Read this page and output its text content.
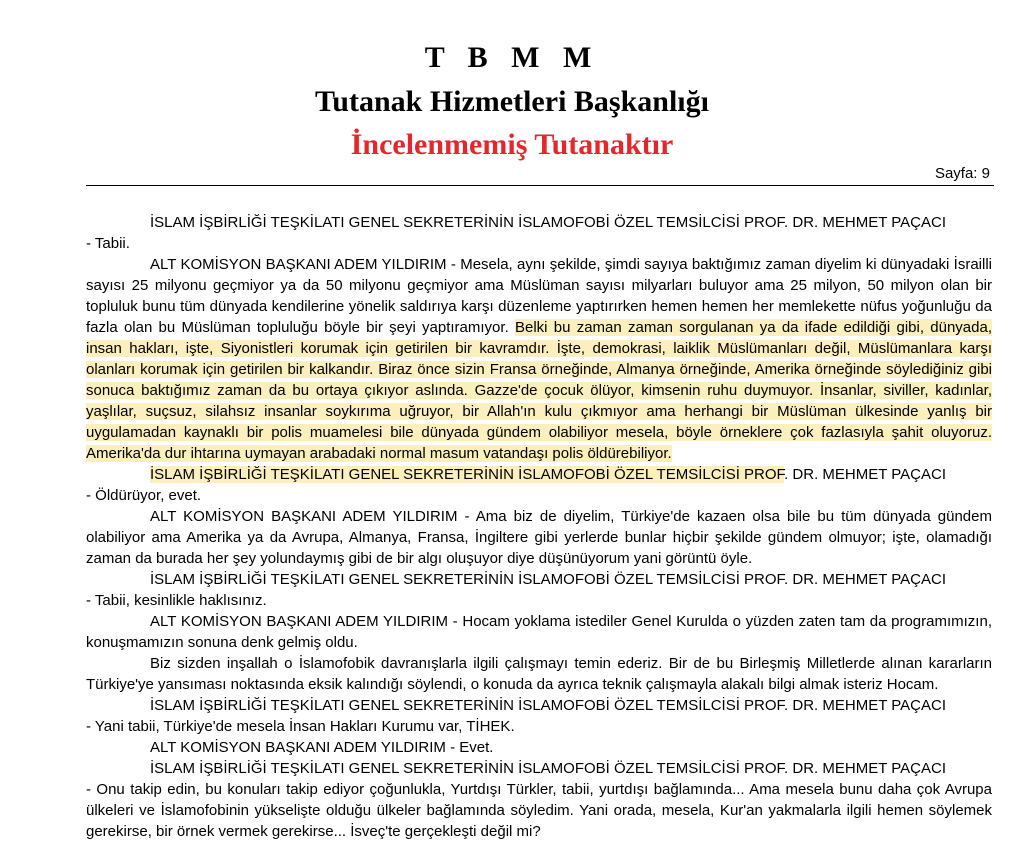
T B M M
Tutanak Hizmetleri Başkanlığı
İncelenmemiş Tutanaktır
Sayfa: 9

İSLAM İŞBİRLİĞİ TEŞKİLATI GENEL SEKRETERİNİN İSLAMOFOBİ ÖZEL TEMSİLCİSİ PROF. DR. MEHMET PAÇACI

- Tabii.

ALT KOMİSYON BAŞKANI ADEM YILDIRIM - Mesela, aynı şekilde, şimdi sayıya baktığımız zaman diyelim ki dünyadaki İsrailli sayısı 25 milyonu geçmiyor ya da 50 milyonu geçmiyor ama Müslüman sayısı milyarları buluyor ama 25 milyon, 50 milyon olan bir topluluk bunu tüm dünyada kendilerine yönelik saldırıya karşı düzenleme yaptırırken hemen hemen her memlekette nüfus yoğunluğu da fazla olan bu Müslüman topluluğu böyle bir şeyi yaptıramıyor. Belki bu zaman zaman sorgulanan ya da ifade edildiği gibi, dünyada, insan hakları, işte, Siyonistleri korumak için getirilen bir kavramdır. İşte, demokrasi, laiklik Müslümanları değil, Müslümanlara karşı olanları korumak için getirilen bir kalkandır. Biraz önce sizin Fransa örneğinde, Almanya örneğinde, Amerika örneğinde söylediğiniz gibi sonuca baktığımız zaman da bu ortaya çıkıyor aslında. Gazze'de çocuk ölüyor, kimsenin ruhu duymuyor. İnsanlar, siviller, kadınlar, yaşlılar, suçsuz, silahsız insanlar soykırıma uğruyor, bir Allah'ın kulu çıkmıyor ama herhangi bir Müslüman ülkesinde yanlış bir uygulamadan kaynaklı bir polis muamelesi bile dünyada gündem olabiliyor mesela, böyle örneklere çok fazlasıyla şahit oluyoruz. Amerika'da dur ihtarına uymayan arabadaki normal masum vatandaşı polis öldürebiliyor.

İSLAM İŞBİRLİĞİ TEŞKİLATI GENEL SEKRETERİNİN İSLAMOFOBİ ÖZEL TEMSİLCİSİ PROF. DR. MEHMET PAÇACI

- Öldürüyor, evet.

ALT KOMİSYON BAŞKANI ADEM YILDIRIM - Ama biz de diyelim, Türkiye'de kazaen olsa bile bu tüm dünyada gündem olabiliyor ama Amerika ya da Avrupa, Almanya, Fransa, İngiltere gibi yerlerde bunlar hiçbir şekilde gündem olmuyor; işte, olamadığı zaman da burada her şey yolundaymış gibi de bir algı oluşuyor diye düşünüyorum yani görüntü öyle.

İSLAM İŞBİRLİĞİ TEŞKİLATI GENEL SEKRETERİNİN İSLAMOFOBİ ÖZEL TEMSİLCİSİ PROF. DR. MEHMET PAÇACI

- Tabii, kesinlikle haklısınız.

ALT KOMİSYON BAŞKANI ADEM YILDIRIM - Hocam yoklama istediler Genel Kurulda o yüzden zaten tam da programımızın, konuşmamızın sonuna denk gelmiş oldu.

Biz sizden inşallah o İslamofobik davranışlarla ilgili çalışmayı temin ederiz. Bir de bu Birleşmiş Milletlerde alınan kararların Türkiye'ye yansıması noktasında eksik kalındığı söylendi, o konuda da ayrıca teknik çalışmayla alakalı bilgi almak isteriz Hocam.

İSLAM İŞBİRLİĞİ TEŞKİLATI GENEL SEKRETERİNİN İSLAMOFOBİ ÖZEL TEMSİLCİSİ PROF. DR. MEHMET PAÇACI

- Yani tabii, Türkiye'de mesela İnsan Hakları Kurumu var, TİHEK.

ALT KOMİSYON BAŞKANI ADEM YILDIRIM - Evet.

İSLAM İŞBİRLİĞİ TEŞKİLATI GENEL SEKRETERİNİN İSLAMOFOBİ ÖZEL TEMSİLCİSİ PROF. DR. MEHMET PAÇACI

- Onu takip edin, bu konuları takip ediyor çoğunlukla, Yurtdışı Türkler, tabii, yurtdışı bağlamında... Ama mesela bunu daha çok Avrupa ülkeleri ve İslamofobinin yükselişte olduğu ülkeler bağlamında söyledim. Yani orada, mesela, Kur'an yakmalarla ilgili hemen söylemek gerekirse, bir örnek vermek gerekirse... İsveç'te gerçekleşti değil mi?
